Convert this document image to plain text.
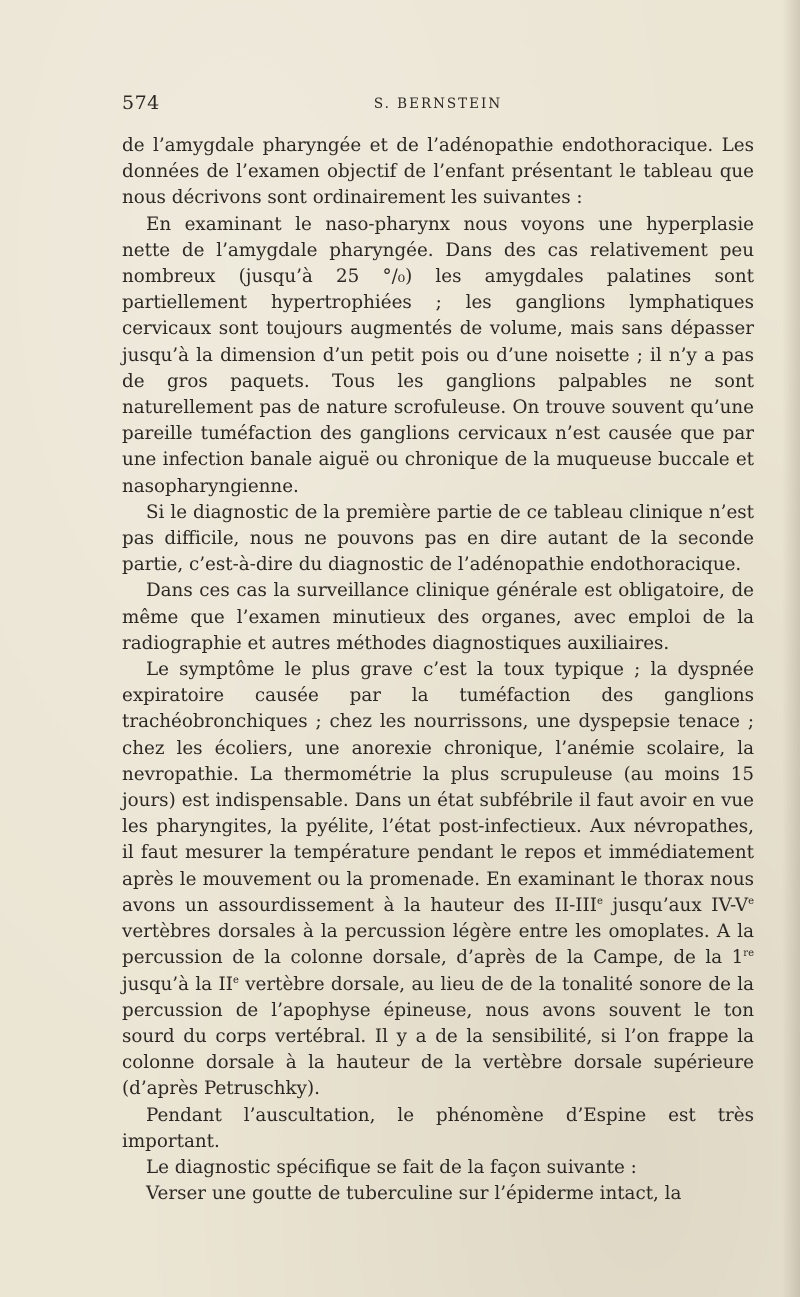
574	S. BERNSTEIN

de l’amygdale pharyngée et de l’adénopathie endothoracique. Les données de l’examen objectif de l’enfant présentant le tableau que nous décrivons sont ordinairement les suivantes :

En examinant le naso-pharynx nous voyons une hyperplasie nette de l’amygdale pharyngée. Dans des cas relativement peu nombreux (jusqu’à 25 °/₀) les amygdales palatines sont partiellement hypertrophiées ; les ganglions lymphatiques cervicaux sont toujours augmentés de volume, mais sans dépasser jusqu’à la dimension d’un petit pois ou d’une noisette ; il n’y a pas de gros paquets. Tous les ganglions palpables ne sont naturellement pas de nature scrofuleuse. On trouve souvent qu’une pareille tuméfaction des ganglions cervicaux n’est causée que par une infection banale aiguë ou chronique de la muqueuse buccale et nasopharyngienne.

Si le diagnostic de la première partie de ce tableau clinique n’est pas difficile, nous ne pouvons pas en dire autant de la seconde partie, c’est-à-dire du diagnostic de l’adénopathie endothoracique.

Dans ces cas la surveillance clinique générale est obligatoire, de même que l’examen minutieux des organes, avec emploi de la radiographie et autres méthodes diagnostiques auxiliaires.

Le symptôme le plus grave c’est la toux typique ; la dyspnée expiratoire causée par la tuméfaction des ganglions trachéobronchiques ; chez les nourrissons, une dyspepsie tenace ; chez les écoliers, une anorexie chronique, l’anémie scolaire, la nevropathie. La thermométrie la plus scrupuleuse (au moins 15 jours) est indispensable. Dans un état subfébrile il faut avoir en vue les pharyngites, la pyélite, l’état post-infectieux. Aux névropathes, il faut mesurer la température pendant le repos et immédiatement après le mouvement ou la promenade. En examinant le thorax nous avons un assourdissement à la hauteur des II-IIIe jusqu’aux IV-Ve vertèbres dorsales à la percussion légère entre les omoplates. A la percussion de la colonne dorsale, d’après de la Campe, de la 1re jusqu’à la IIe vertèbre dorsale, au lieu de de la tonalité sonore de la percussion de l’apophyse épineuse, nous avons souvent le ton sourd du corps vertébral. Il y a de la sensibilité, si l’on frappe la colonne dorsale à la hauteur de la vertèbre dorsale supérieure (d’après Petruschky).

Pendant l’auscultation, le phénomène d’Espine est très important.

Le diagnostic spécifique se fait de la façon suivante :

Verser une goutte de tuberculine sur l’épiderme intact, la
